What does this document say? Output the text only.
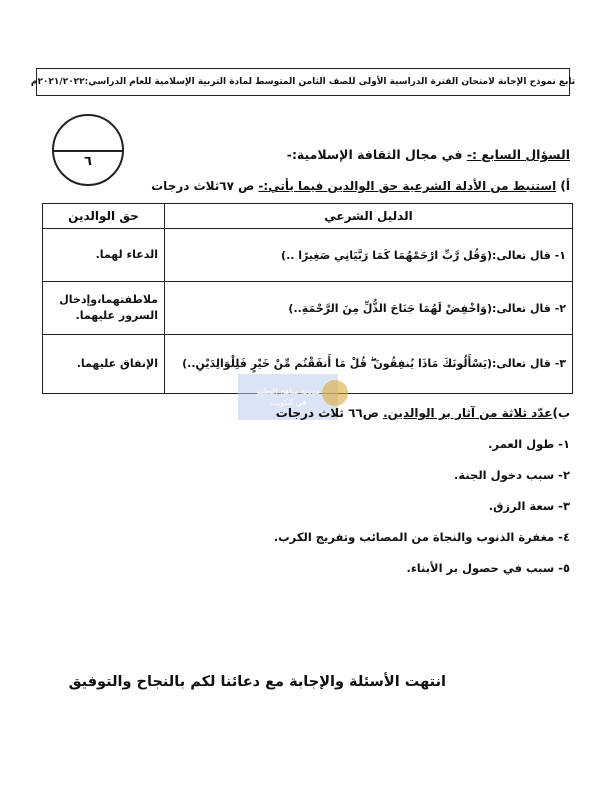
تابع نموذج الإجابة لامتحان الفترة الدراسية الأولى للصف الثامن المتوسط لمادة التربية الإسلامية للعام الدراسي:٢٠٢١/٢٠٢٢م
٦	السؤال السابع :- في مجال الثقافة الإسلامية:-
أ) استنبط من الأدلة الشرعية حق الوالدين فيما يأتي:- ص ٦٧ثلاث درجات
الدليل الشرعي	حق الوالدين
١- قال تعالى:(وَقُل رَّبِّ ارْحَمْهُمَا كَمَا رَبَّيَانِي صَغِيرًا ..)	الدعاء لهما.
٢- قال تعالى:(وَاخْفِضْ لَهُمَا جَنَاحَ الذُّلِّ مِنَ الرَّحْمَةِ..)	ملاطفتهما،وإدخال السرور عليهما.
٣- قال تعالى:(يَسْأَلُونَكَ مَاذَا يُنفِقُونَ ۖ قُلْ مَا أَنفَقْتُم مِّنْ خَيْرٍ فَلِلْوَالِدَيْنِ..)	الإنفاق عليهما.
مدونة مناهج التعليم
في الكويت
ب)عدّد ثلاثة من آثار بر الوالدين. ص٦٦ ثلاث درجات
١- طول العمر.
٢- سبب دخول الجنة.
٣- سعة الرزق.
٤- مغفرة الذنوب والنجاة من المصائب وتفريج الكرب.
٥- سبب في حصول بر الأبناء.
انتهت الأسئلة والإجابة مع دعائنا لكم بالنجاح والتوفيق
